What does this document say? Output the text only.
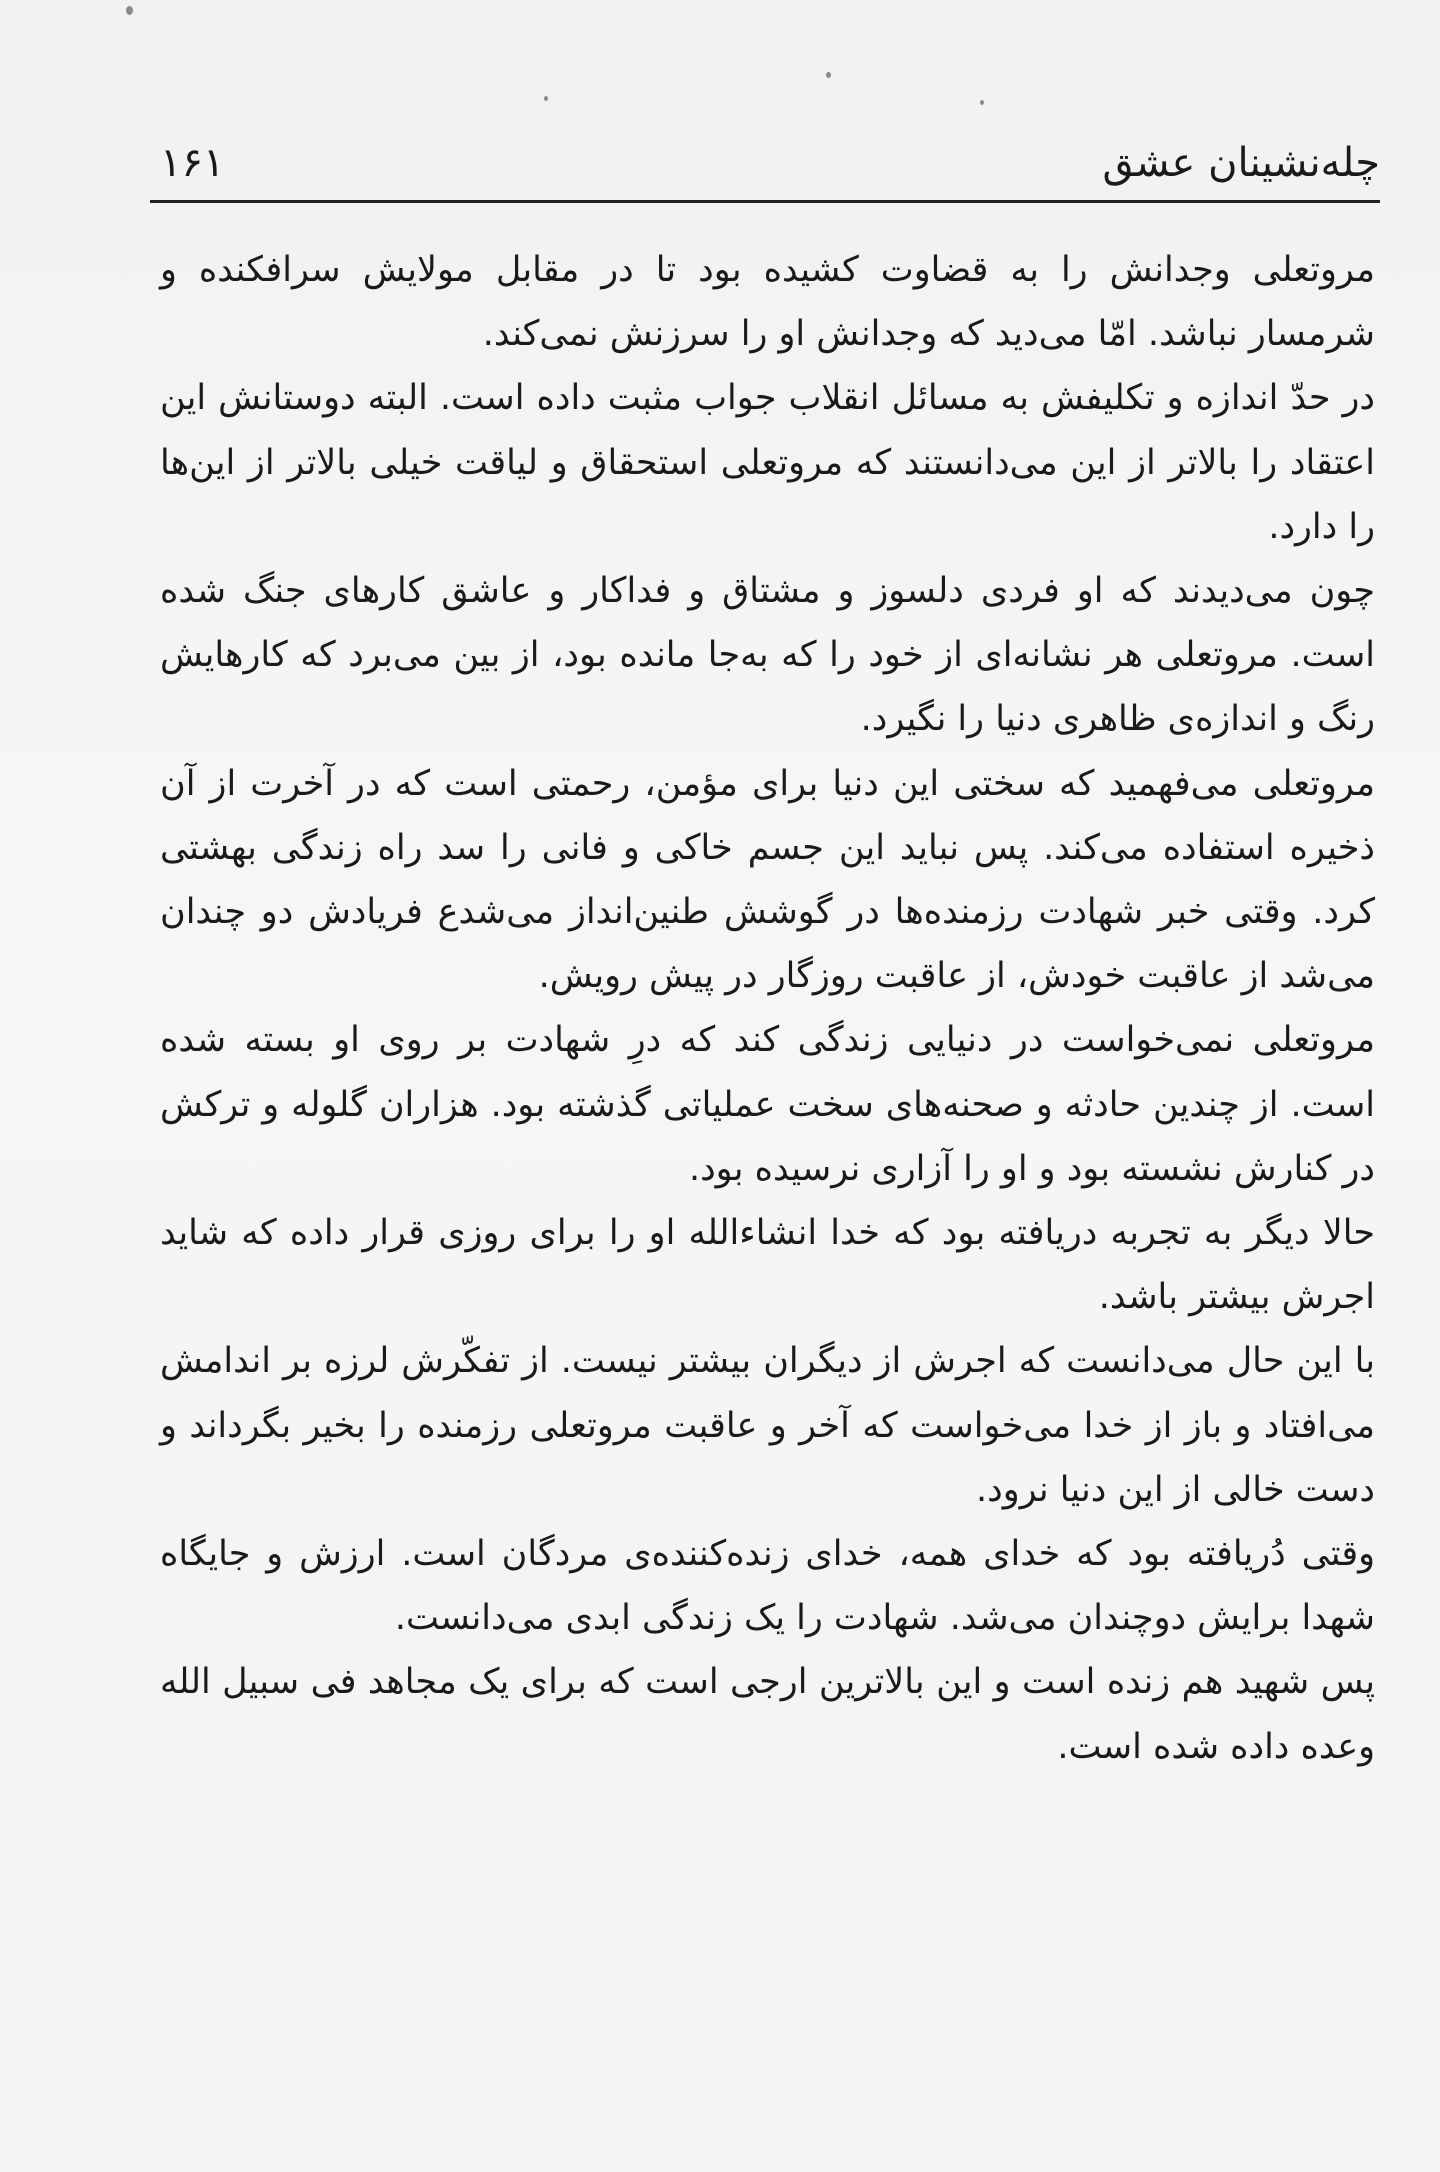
چله‌نشینان عشق
۱۶۱

مروتعلی وجدانش را به قضاوت کشیده بود تا در مقابل مولایش سرافکنده و شرمسار نباشد. امّا می‌دید که وجدانش او را سرزنش نمی‌کند.

در حدّ اندازه و تکلیفش به مسائل انقلاب جواب مثبت داده است. البته دوستانش این اعتقاد را بالاتر از این می‌دانستند که مروتعلی استحقاق و لیاقت خیلی بالاتر از این‌ها را دارد.

چون می‌دیدند که او فردی دلسوز و مشتاق و فداکار و عاشق کارهای جنگ شده است. مروتعلی هر نشانه‌ای از خود را که به‌جا مانده بود، از بین می‌برد که کارهایش رنگ و اندازه‌ی ظاهری دنیا را نگیرد.

مروتعلی می‌فهمید که سختی این دنیا برای مؤمن، رحمتی است که در آخرت از آن ذخیره استفاده می‌کند. پس نباید این جسم خاکی و فانی را سد راه زندگی بهشتی کرد. وقتی خبر شهادت رزمنده‌ها در گوشش طنین‌انداز می‌شدع فریادش دو چندان می‌شد از عاقبت خودش، از عاقبت روزگار در پیش رویش.

مروتعلی نمی‌خواست در دنیایی زندگی کند که درِ شهادت بر روی او بسته شده است. از چندین حادثه و صحنه‌های سخت عملیاتی گذشته بود. هزاران گلوله و ترکش در کنارش نشسته بود و او را آزاری نرسیده بود.

حالا دیگر به تجربه دریافته بود که خدا انشاءالله او را برای روزی قرار داده که شاید اجرش بیشتر باشد.

با این حال می‌دانست که اجرش از دیگران بیشتر نیست. از تفکّرش لرزه بر اندامش می‌افتاد و باز از خدا می‌خواست که آخر و عاقبت مروتعلی رزمنده را بخیر بگرداند و دست خالی از این دنیا نرود.

وقتی دُریافته بود که خدای همه، خدای زنده‌کننده‌ی مردگان است. ارزش و جایگاه شهدا برایش دوچندان می‌شد. شهادت را یک زندگی ابدی می‌دانست.

پس شهید هم زنده است و این بالاترین ارجی است که برای یک مجاهد فی سبیل الله وعده داده شده است.
